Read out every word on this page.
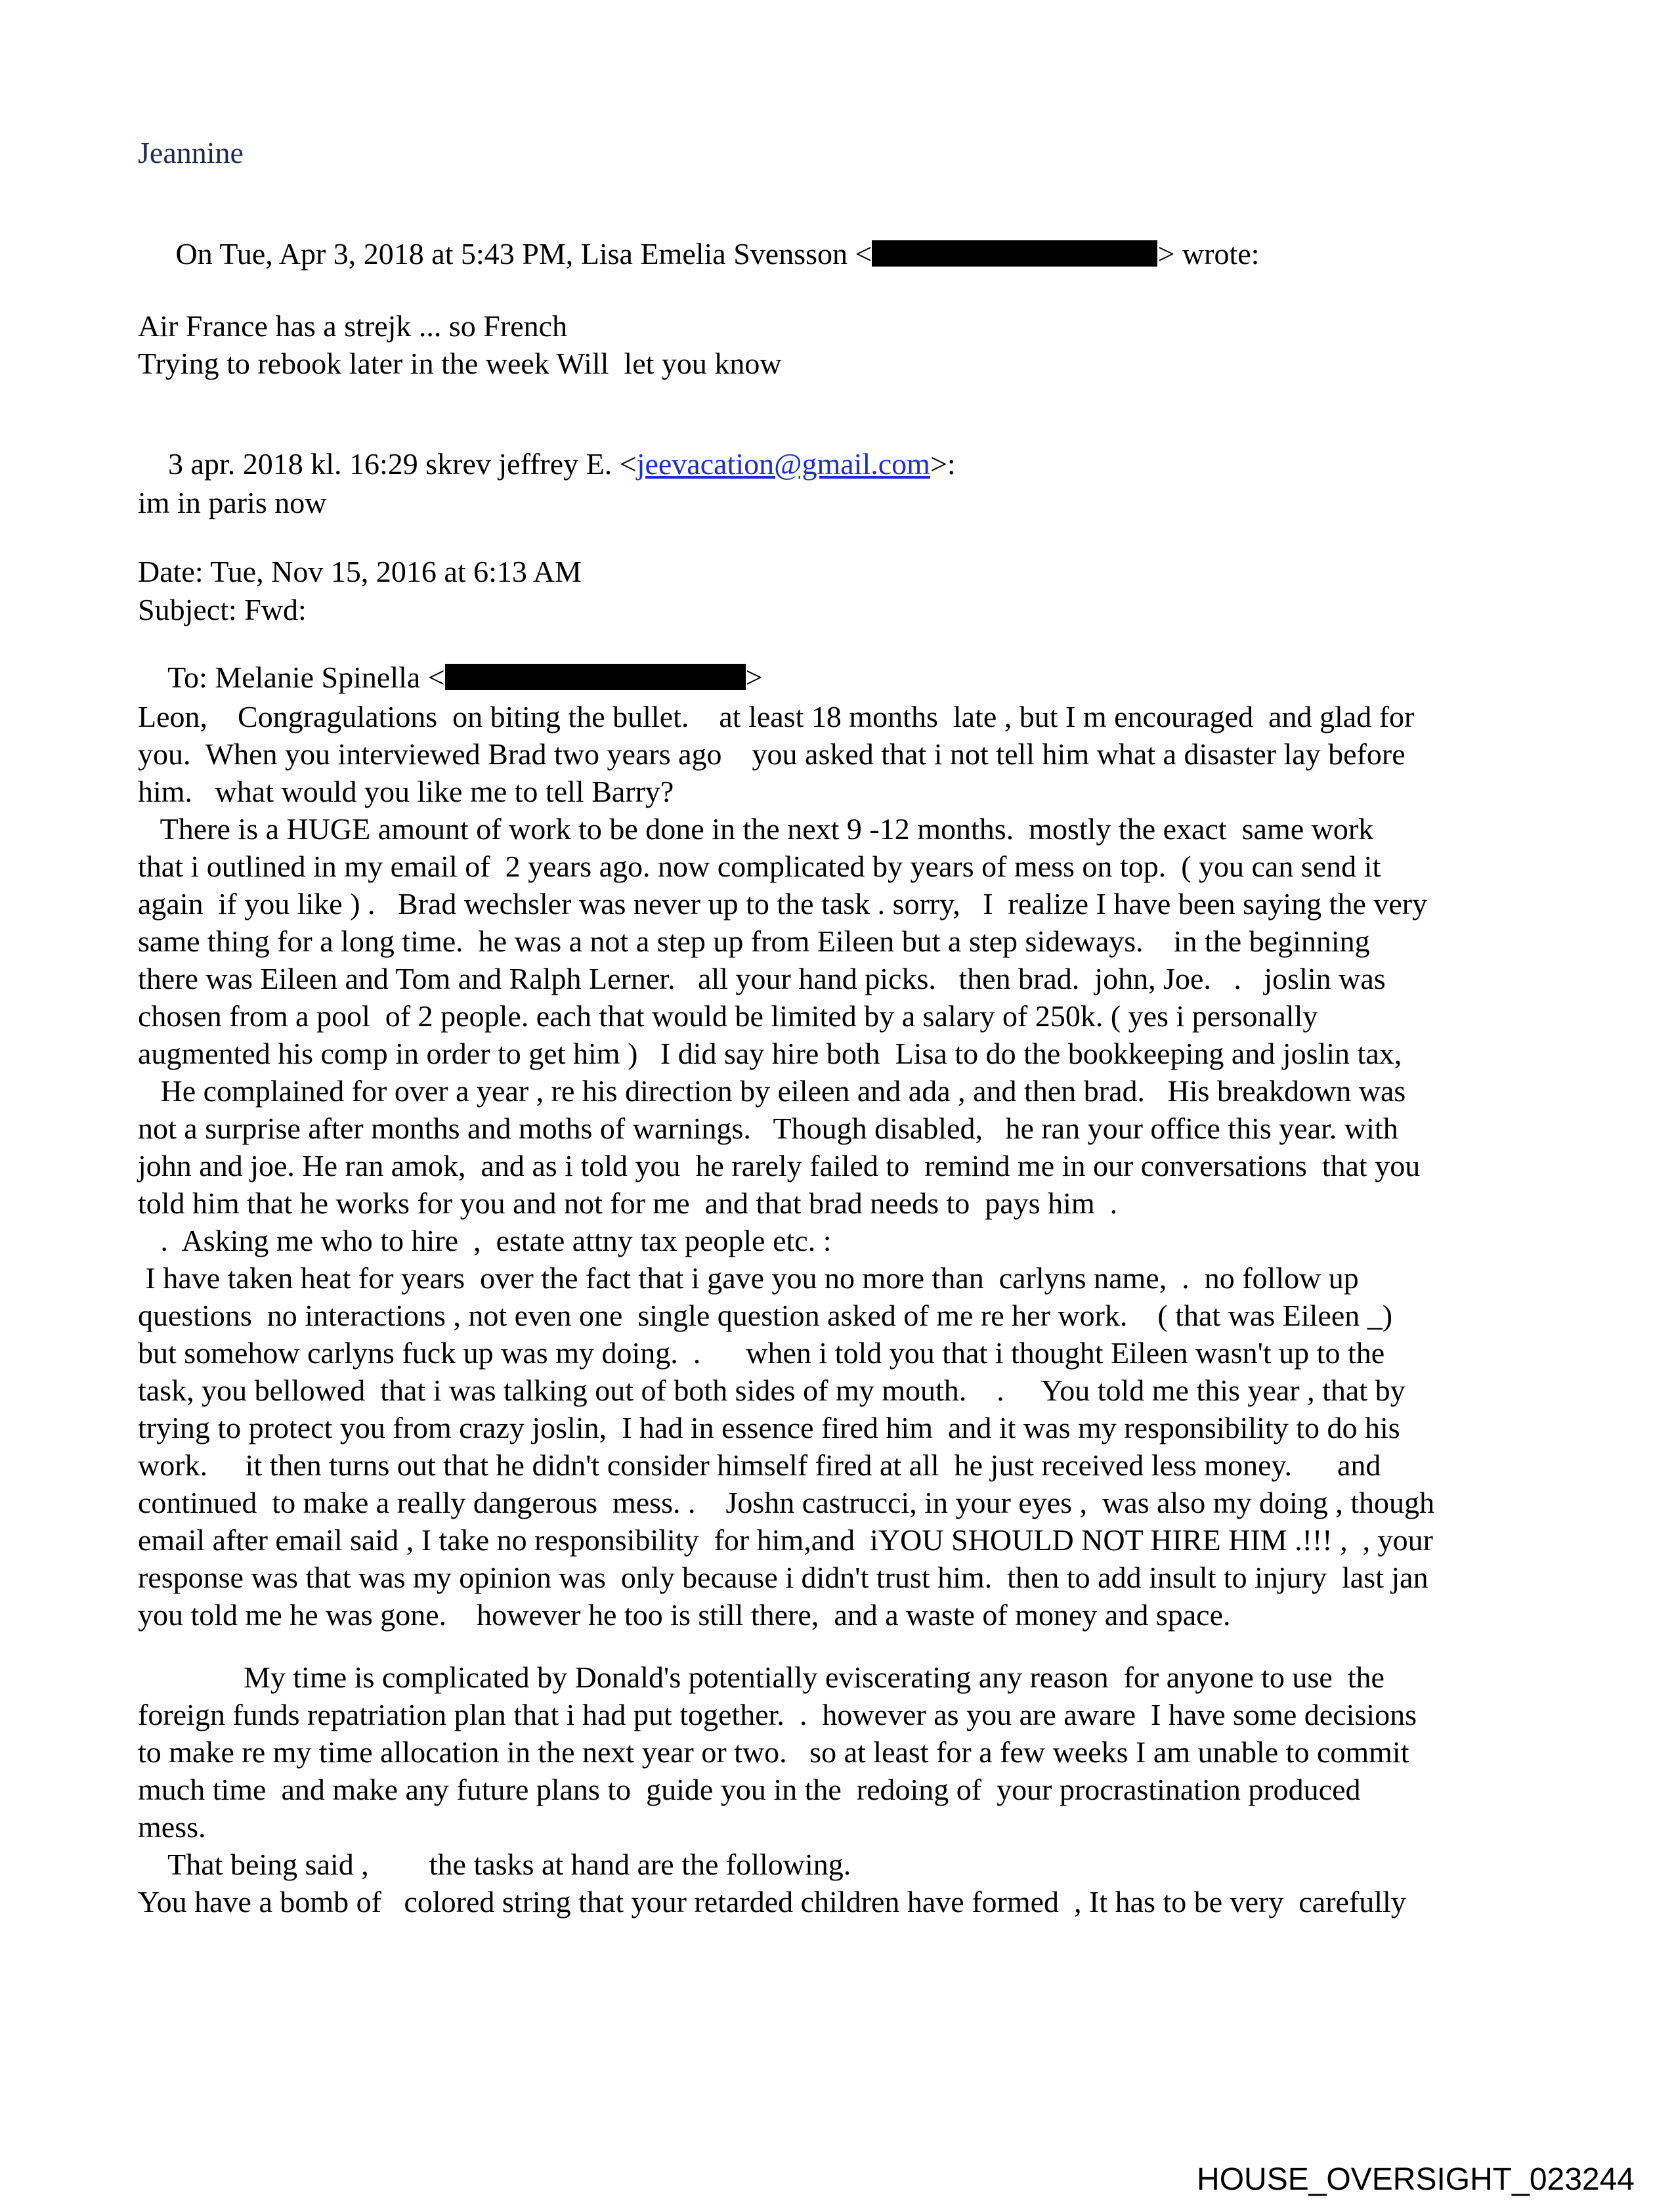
Jeannine

On Tue, Apr 3, 2018 at 5:43 PM, Lisa Emelia Svensson <	> wrote:

Air France has a strejk ... so French
Trying to rebook later in the week Will  let you know

3 apr. 2018 kl. 16:29 skrev jeffrey E. <jeevacation@gmail.com>:

im in paris now
Date: Tue, Nov 15, 2016 at 6:13 AM
Subject: Fwd:

To: Melanie Spinella <	>

Leon,    Congragulations  on biting the bullet.    at least 18 months  late , but I m encouraged  and glad for
you.  When you interviewed Brad two years ago    you asked that i not tell him what a disaster lay before
him.   what would you like me to tell Barry?
There is a HUGE amount of work to be done in the next 9 -12 months.  mostly the exact  same work
that i outlined in my email of  2 years ago. now complicated by years of mess on top.  ( you can send it
again  if you like ) .   Brad wechsler was never up to the task . sorry,   I  realize I have been saying the very
same thing for a long time.  he was a not a step up from Eileen but a step sideways.    in the beginning
there was Eileen and Tom and Ralph Lerner.   all your hand picks.   then brad.  john, Joe.   .   joslin was
chosen from a pool  of 2 people. each that would be limited by a salary of 250k. ( yes i personally
augmented his comp in order to get him )   I did say hire both  Lisa to do the bookkeeping and joslin tax,
He complained for over a year , re his direction by eileen and ada , and then brad.   His breakdown was
not a surprise after months and moths of warnings.   Though disabled,   he ran your office this year. with
john and joe. He ran amok,  and as i told you  he rarely failed to  remind me in our conversations  that you
told him that he works for you and not for me  and that brad needs to  pays him  .
.  Asking me who to hire  ,  estate attny tax people etc. :
I have taken heat for years  over the fact that i gave you no more than  carlyns name,  .  no follow up
questions  no interactions , not even one  single question asked of me re her work.    ( that was Eileen _)
but somehow carlyns fuck up was my doing.  .      when i told you that i thought Eileen wasn't up to the
task, you bellowed  that i was talking out of both sides of my mouth.    .     You told me this year , that by
trying to protect you from crazy joslin,  I had in essence fired him  and it was my responsibility to do his
work.     it then turns out that he didn't consider himself fired at all  he just received less money.      and
continued  to make a really dangerous  mess. .    Joshn castrucci, in your eyes ,  was also my doing , though
email after email said , I take no responsibility  for him,and  iYOU SHOULD NOT HIRE HIM .!!! ,  , your
response was that was my opinion was  only because i didn't trust him.  then to add insult to injury  last jan
you told me he was gone.    however he too is still there,  and a waste of money and space.
My time is complicated by Donald's potentially eviscerating any reason  for anyone to use  the
foreign funds repatriation plan that i had put together.  .  however as you are aware  I have some decisions
to make re my time allocation in the next year or two.   so at least for a few weeks I am unable to commit
much time  and make any future plans to  guide you in the  redoing of  your procrastination produced
mess.
That being said ,        the tasks at hand are the following.
You have a bomb of   colored string that your retarded children have formed  , It has to be very  carefully
HOUSE_OVERSIGHT_023244
